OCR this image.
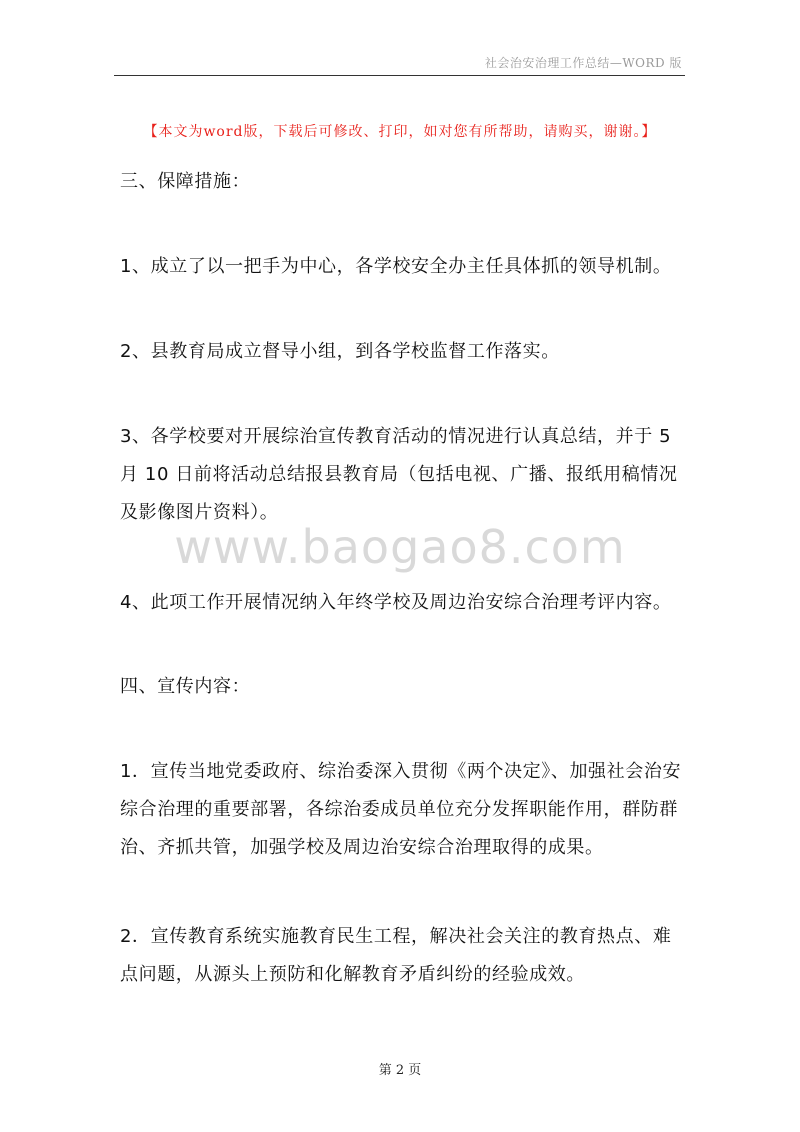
社会治安治理工作总结—WORD 版
【本文为word版，下载后可修改、打印，如对您有所帮助，请购买，谢谢。】
三、保障措施：
1、成立了以一把手为中心，各学校安全办主任具体抓的领导机制。
2、县教育局成立督导小组，到各学校监督工作落实。
3、各学校要对开展综治宣传教育活动的情况进行认真总结，并于 5 月 10 日前将活动总结报县教育局（包括电视、广播、报纸用稿情况及影像图片资料）。
4、此项工作开展情况纳入年终学校及周边治安综合治理考评内容。
四、宣传内容：
1．宣传当地党委政府、综治委深入贯彻《两个决定》、加强社会治安综合治理的重要部署，各综治委成员单位充分发挥职能作用，群防群治、齐抓共管，加强学校及周边治安综合治理取得的成果。
2．宣传教育系统实施教育民生工程，解决社会关注的教育热点、难点问题，从源头上预防和化解教育矛盾纠纷的经验成效。
www.baogao8.com
第 2 页
